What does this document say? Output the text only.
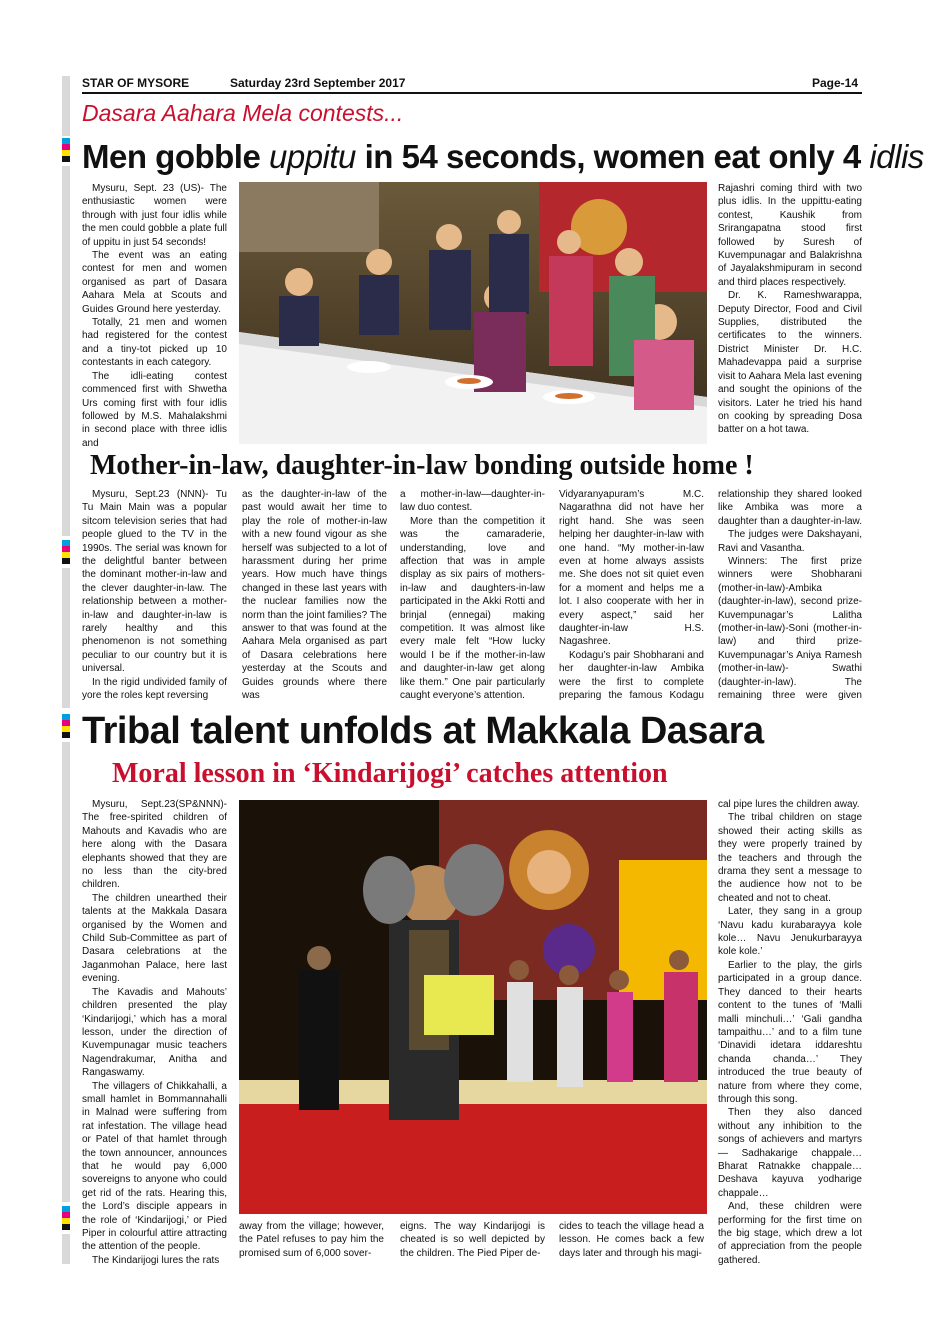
STAR OF MYSORE	Saturday 23rd September 2017	Page-14
Dasara Aahara Mela contests...
Men gobble uppitu in 54 seconds, women eat only 4 idlis

Mysuru, Sept. 23 (US)- The enthusiastic women were through with just four idlis while the men could gobble a plate full of uppitu in just 54 seconds!

The event was an eating contest for men and women organised as part of Dasara Aahara Mela at Scouts and Guides Ground here yesterday.

Totally, 21 men and women had registered for the contest and a tiny-tot picked up 10 contestants in each category.

The idli-eating contest commenced first with Shwetha Urs coming first with four idlis followed by M.S. Mahalakshmi in second place with three idlis and

Rajashri coming third with two plus idlis. In the uppittu-eating contest, Kaushik from Srirangapatna stood first followed by Suresh of Kuvempunagar and Balakrishna of Jayalakshmipuram in second and third places respectively.

Dr. K. Rameshwarappa, Deputy Director, Food and Civil Supplies, distributed the certificates to the winners. District Minister Dr. H.C. Mahadevappa paid a surprise visit to Aahara Mela last evening and sought the opinions of the visitors. Later he tried his hand on cooking by spreading Dosa batter on a hot tawa.

Mother-in-law, daughter-in-law bonding outside home !

Mysuru, Sept.23 (NNN)- Tu Tu Main Main was a popular sitcom television series that had people glued to the TV in the 1990s. The serial was known for the delightful banter between the dominant mother-in-law and the clever daughter-in-law. The relationship between a mother-in-law and daughter-in-law is rarely healthy and this phenomenon is not something peculiar to our country but it is universal.

In the rigid undivided family of yore the roles kept reversing

as the daughter-in-law of the past would await her time to play the role of mother-in-law with a new found vigour as she herself was subjected to a lot of harassment during her prime years. How much have things changed in these last years with the nuclear families now the norm than the joint families? The answer to that was found at the Aahara Mela organised as part of Dasara celebrations here yesterday at the Scouts and Guides grounds where there was

a mother-in-law—daughter-in-law duo contest.

More than the competition it was the camaraderie, understanding, love and affection that was in ample display as six pairs of mothers-in-law and daughters-in-law participated in the Akki Rotti and brinjal (ennegai) making competition. It was almost like every male felt “How lucky would I be if the mother-in-law and daughter-in-law get along like them.” One pair particularly caught everyone’s attention.

Vidyaranyapuram’s M.C. Nagarathna did not have her right hand. She was seen helping her daughter-in-law with one hand. “My mother-in-law even at home always assists me. She does not sit quiet even for a moment and helps me a lot. I also cooperate with her in every aspect,” said her daughter-in-law H.S. Nagashree.

Kodagu’s pair Shobharani and her daughter-in-law Ambika were the first to complete preparing the famous Kodagu

relationship they shared looked like Ambika was more a daughter than a daughter-in-law.

The judges were Dakshayani, Ravi and Vasantha.

Winners: The first prize winners were Shobharani (mother-in-law)-Ambika (daughter-in-law), second prize-Kuvempunagar’s Lalitha (mother-in-law)-Soni (mother-in-law) and third prize-Kuvempunagar’s Aniya Ramesh (mother-in-law)- Swathi (daughter-in-law). The remaining three were given

Tribal talent unfolds at Makkala Dasara
Moral lesson in ‘Kindarijogi’ catches attention

Mysuru, Sept.23(SP&NNN)- The free-spirited children of Mahouts and Kavadis who are here along with the Dasara elephants showed that they are no less than the city-bred children.

The children unearthed their talents at the Makkala Dasara organised by the Women and Child Sub-Committee as part of Dasara celebrations at the Jaganmohan Palace, here last evening.

The Kavadis and Mahouts’ children presented the play ‘Kindarijogi,’ which has a moral lesson, under the direction of Kuvempunagar music teachers Nagendrakumar, Anitha and Rangaswamy.

The villagers of Chikkahalli, a small hamlet in Bommannahalli in Malnad were suffering from rat infestation. The village head or Patel of that hamlet through the town announcer, announces that he would pay 6,000 sovereigns to anyone who could get rid of the rats. Hearing this, the Lord’s disciple appears in the role of ‘Kindarijogi,’ or Pied Piper in colourful attire attracting the attention of the people.

The Kindarijogi lures the rats

away from the village; however, the Patel refuses to pay him the promised sum of 6,000 sover-

eigns. The way Kindarijogi is cheated is so well depicted by the children. The Pied Piper de-

cides to teach the village head a lesson. He comes back a few days later and through his magi-

cal pipe lures the children away.

The tribal children on stage showed their acting skills as they were properly trained by the teachers and through the drama they sent a message to the audience how not to be cheated and not to cheat.

Later, they sang in a group ‘Navu kadu kurabarayya kole kole… Navu Jenukurbarayya kole kole.’

Earlier to the play, the girls participated in a group dance. They danced to their hearts content to the tunes of ‘Malli malli minchuli…’ ‘Gali gandha tampaithu…’ and to a film tune ‘Dinavidi idetara iddareshtu chanda chanda…’ They introduced the true beauty of nature from where they come, through this song.

Then they also danced without any inhibition to the songs of achievers and martyrs — Sadhakarige chappale…Bharat Ratnakke chappale…Deshava kayuva yodharige chappale…

And, these children were performing for the first time on the big stage, which drew a lot of appreciation from the people gathered.
